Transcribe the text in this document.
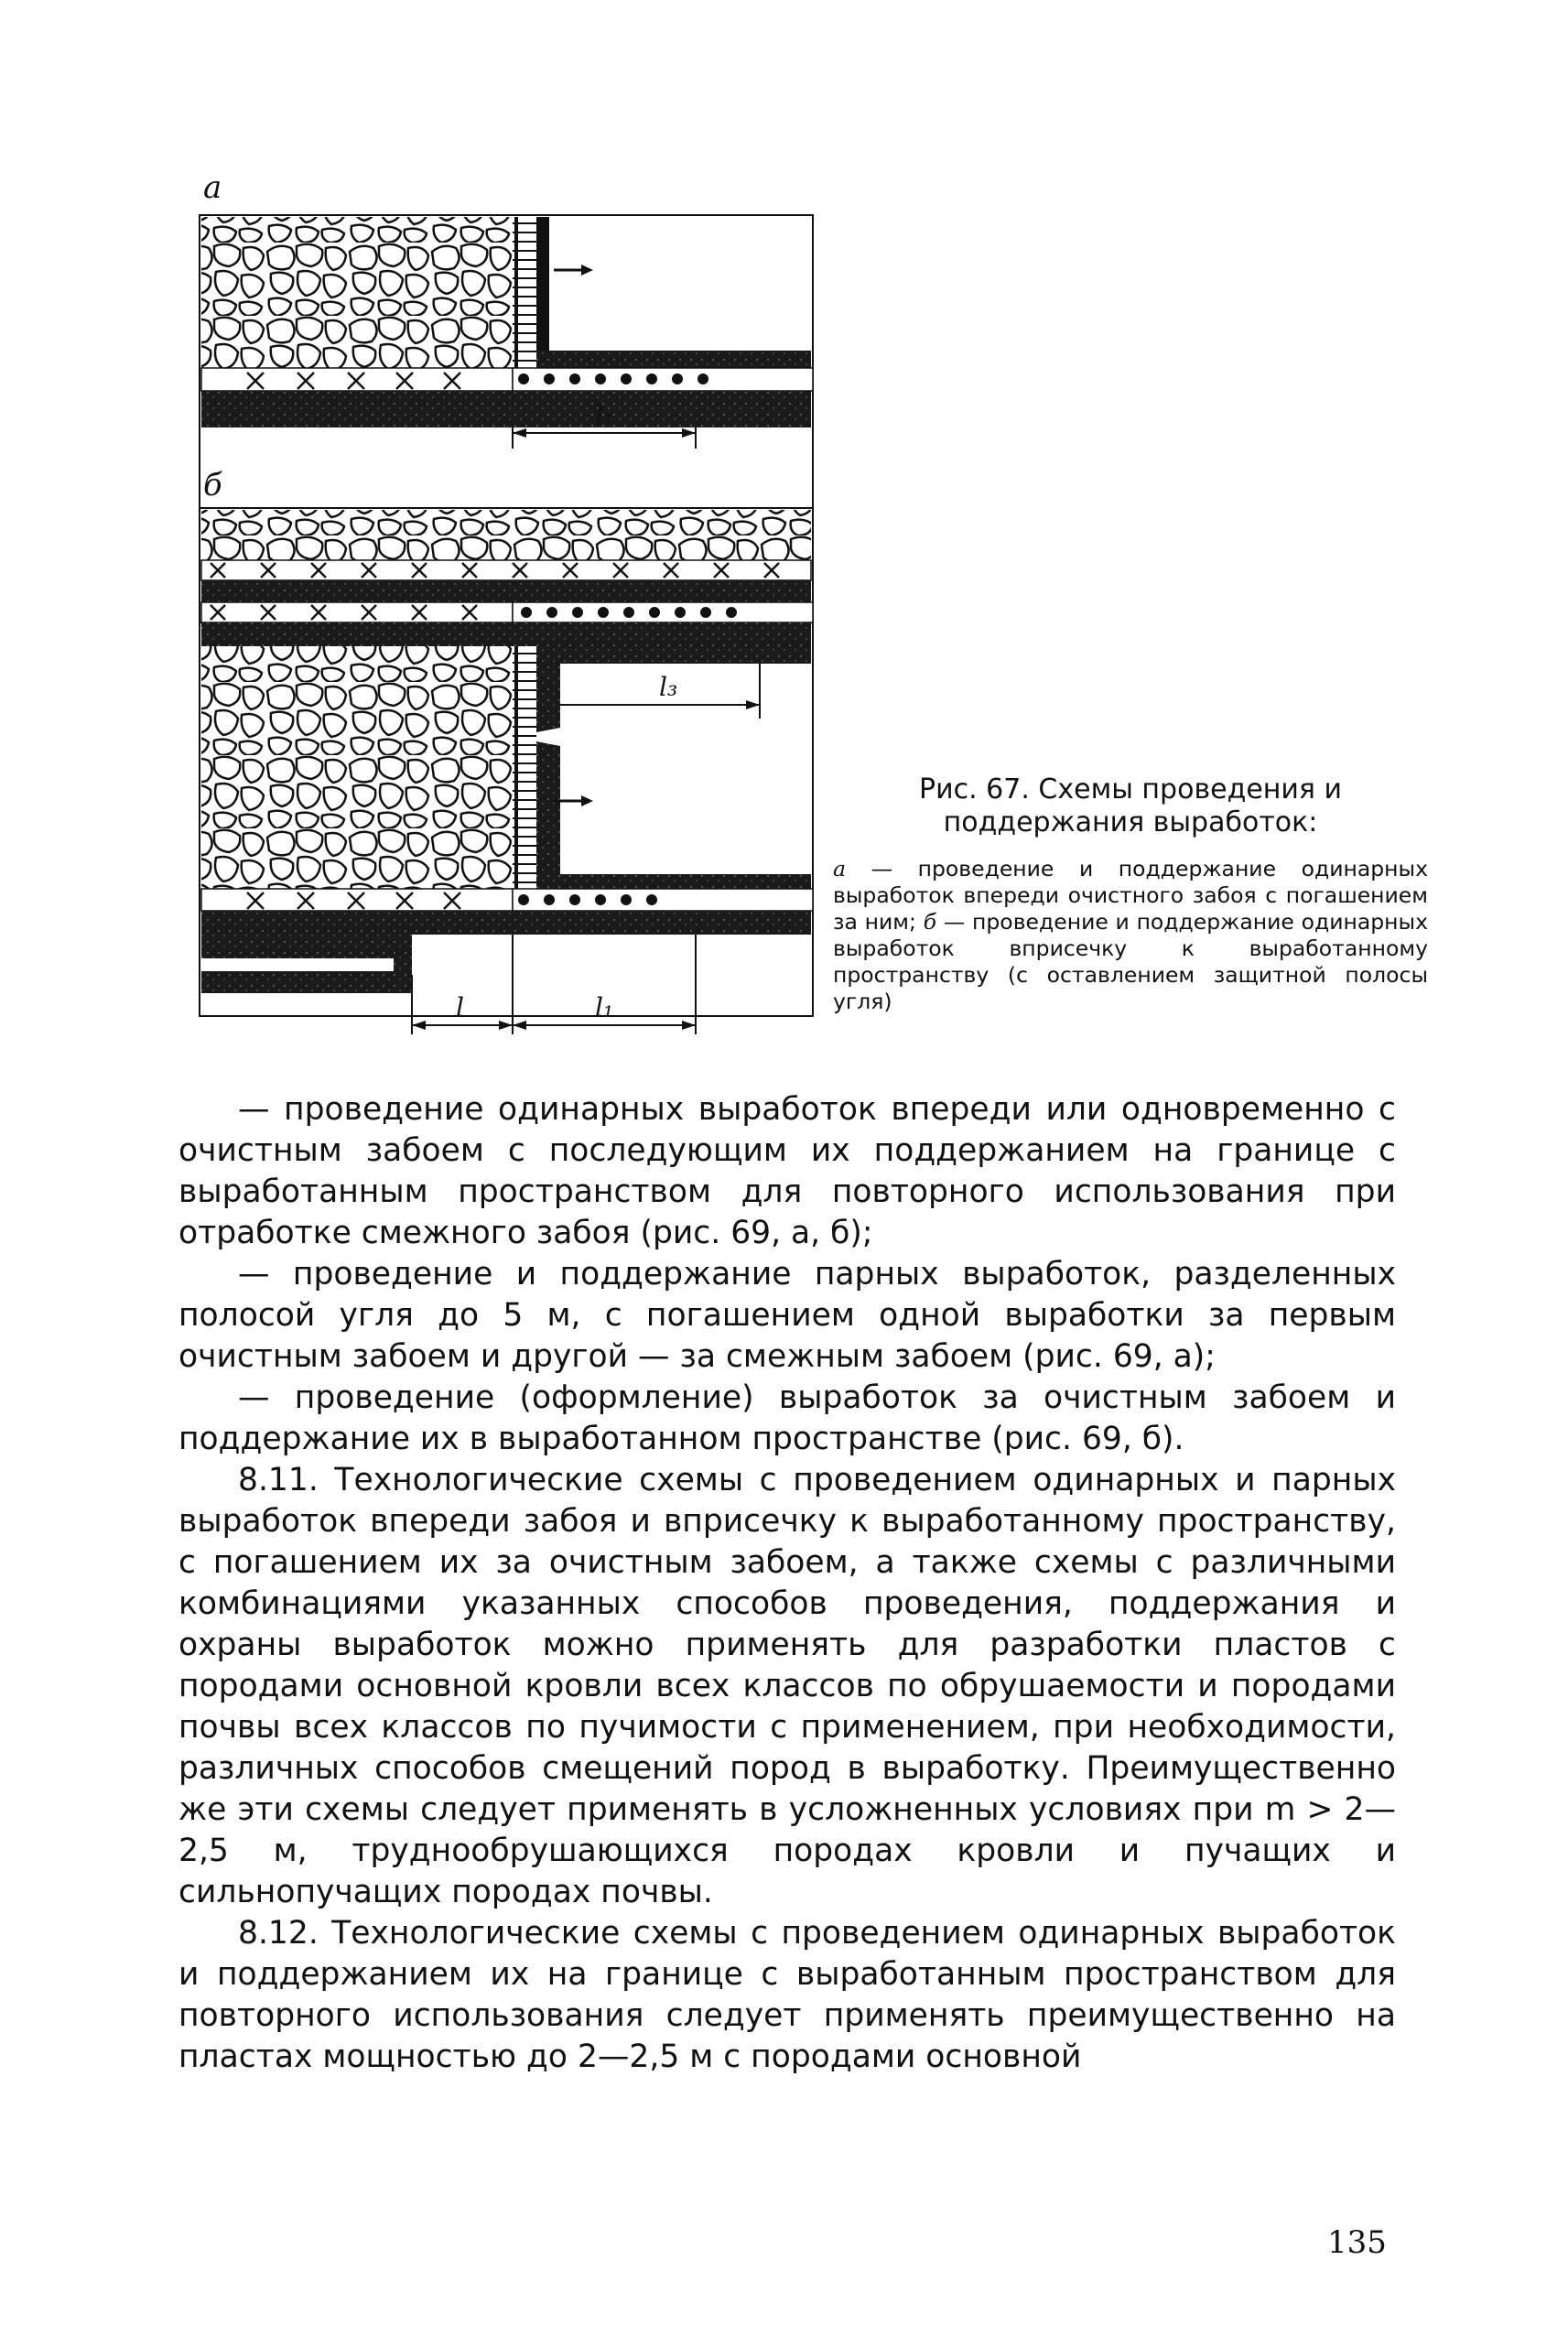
l₁
l₃
l	l₁
а
б

Рис. 67. Схемы проведения и поддержания выработок:

а — проведение и поддержание одинарных выработок впереди очистного забоя с погашением за ним; б — проведение и поддержание одинарных выработок вприсечку к выработанному пространству (с оставлением защитной полосы угля)

— проведение одинарных выработок впереди или одновременно с очистным забоем с последующим их поддержанием на границе с выработанным пространством для повторного использования при отработке смежного забоя (рис. 69, а, б);

— проведение и поддержание парных выработок, разделенных полосой угля до 5 м, с погашением одной выработки за первым очистным забоем и другой — за смежным забоем (рис. 69, а);

— проведение (оформление) выработок за очистным забоем и поддержание их в выработанном пространстве (рис. 69, б).

8.11. Технологические схемы с проведением одинарных и парных выработок впереди забоя и вприсечку к выработанному пространству, с погашением их за очистным забоем, а также схемы с различными комбинациями указанных способов проведения, поддержания и охраны выработок можно применять для разработки пластов с породами основной кровли всех классов по обрушаемости и породами почвы всех классов по пучимости с применением, при необходимости, различных способов смещений пород в выработку. Преимущественно же эти схемы следует применять в усложненных условиях при m > 2—2,5 м, труднообрушающихся породах кровли и пучащих и сильнопучащих породах почвы.

8.12. Технологические схемы с проведением одинарных выработок и поддержанием их на границе с выработанным пространством для повторного использования следует применять преимущественно на пластах мощностью до 2—2,5 м с породами основной

135
